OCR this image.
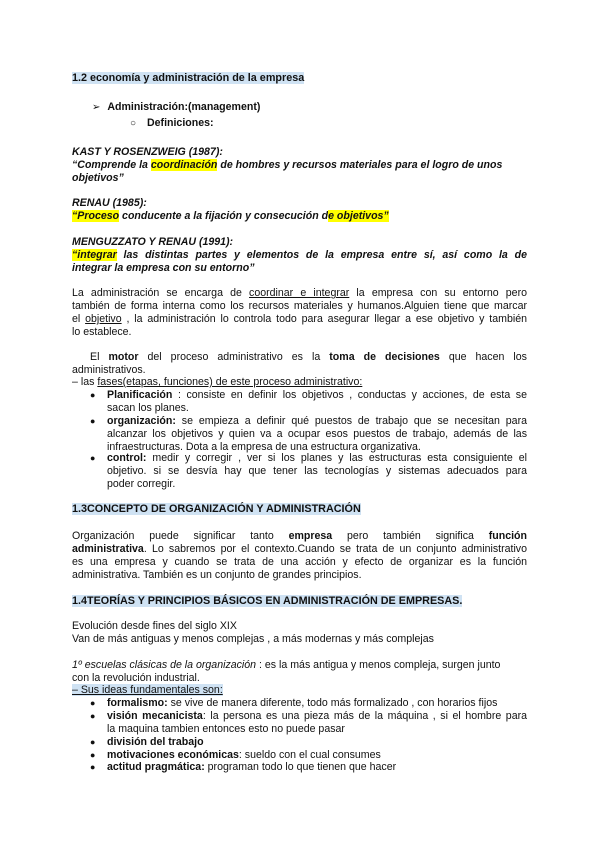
1.2 economía y administración de la empresa
➢ Administración:(management)
○ Definiciones:
KAST Y ROSENZWEIG (1987):
“Comprende la coordinación de hombres y recursos materiales para el logro de unos
objetivos”
RENAU (1985):
“Proceso conducente a la fijación y consecución de objetivos”
MENGUZZATO Y RENAU (1991):
“integrar las distintas partes y elementos de la empresa entre sí, así como la de
integrar la empresa con su entorno”
La administración se encarga de coordinar e integrar la empresa con su entorno pero
también de forma interna como los recursos materiales y humanos.Alguien tiene que marcar
el objetivo , la administración lo controla todo para asegurar llegar a ese objetivo y también
lo establece.
El motor del proceso administrativo es la toma de decisiones que hacen los
administrativos.
– las fases(etapas, funciones) de este proceso administrativo:
● Planificación : consiste en definir los objetivos , conductas y acciones, de esta se
sacan los planes.
● organización: se empieza a definir qué puestos de trabajo que se necesitan para
alcanzar los objetivos y quien va a ocupar esos puestos de trabajo, además de las
infraestructuras. Dota a la empresa de una estructura organizativa.
● control: medir y corregir , ver si los planes y las estructuras esta consiguiente el
objetivo. si se desvía hay que tener las tecnologías y sistemas adecuados para
poder corregir.
1.3CONCEPTO DE ORGANIZACIÓN Y ADMINISTRACIÓN
Organización puede significar tanto empresa pero también significa función
administrativa. Lo sabremos por el contexto.Cuando se trata de un conjunto administrativo
es una empresa y cuando se trata de una acción y efecto de organizar es la función
administrativa. También es un conjunto de grandes principios.
1.4TEORÍAS Y PRINCIPIOS BÁSICOS EN ADMINISTRACIÓN DE EMPRESAS.
Evolución desde fines del siglo XIX
Van de más antiguas y menos complejas , a más modernas y más complejas
1º escuelas clásicas de la organización : es la más antigua y menos compleja, surgen junto
con la revolución industrial.
– Sus ideas fundamentales son:
● formalismo: se vive de manera diferente, todo más formalizado , con horarios fijos
● visión mecanicista: la persona es una pieza más de la máquina , si el hombre para
la maquina tambien entonces esto no puede pasar
● división del trabajo
● motivaciones económicas: sueldo con el cual consumes
● actitud pragmática: programan todo lo que tienen que hacer
